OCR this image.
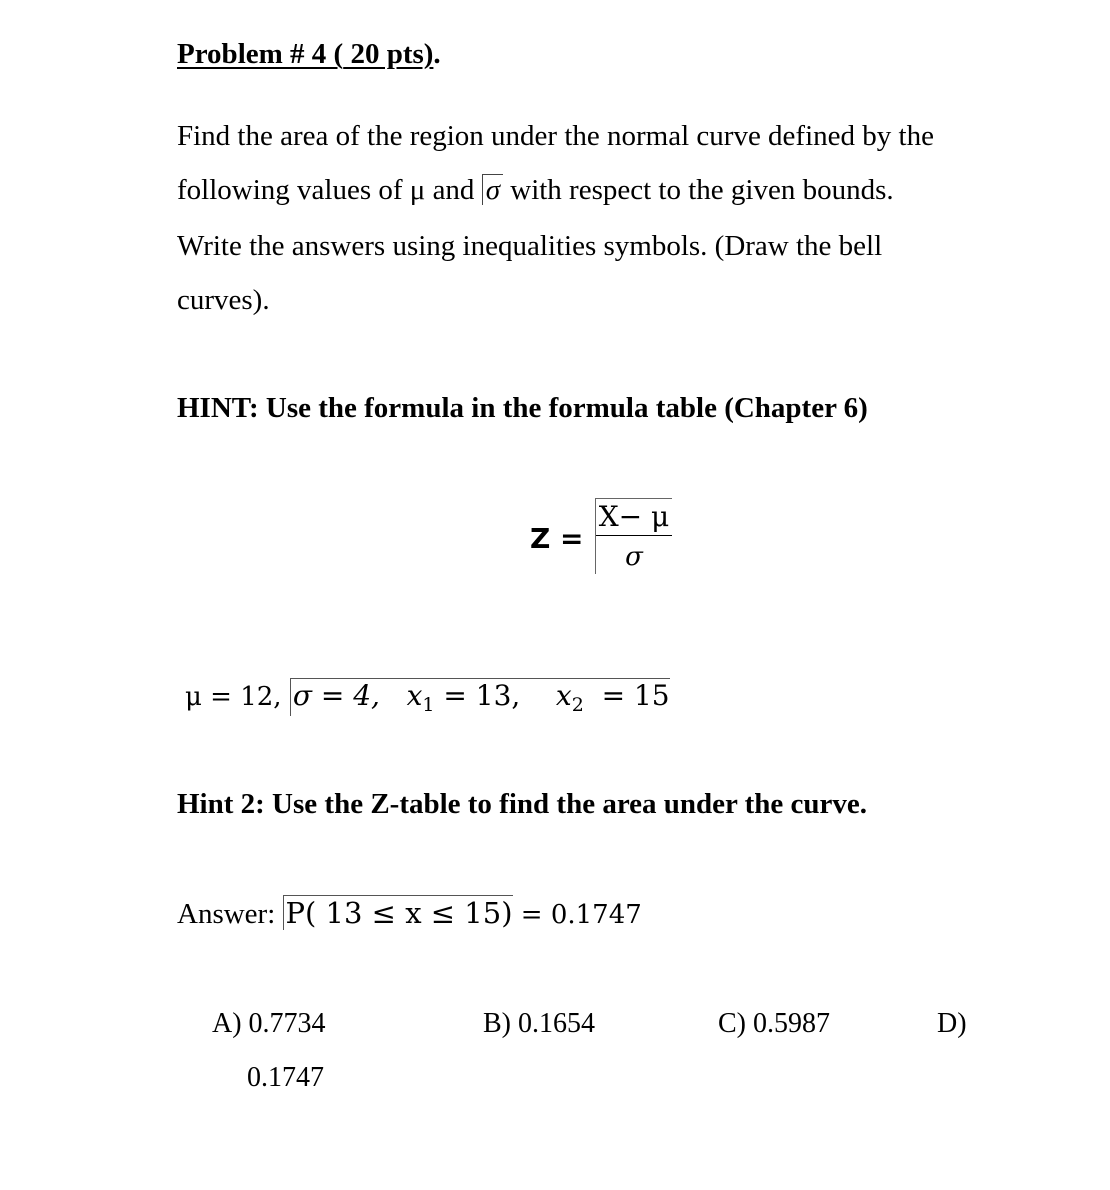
Problem # 4 ( 20 pts).
Find the area of the region under the normal curve defined by the
following values of μ and σ with respect to the given bounds.
Write the answers using inequalities symbols. (Draw the bell
curves).
HINT: Use the formula in the formula table (Chapter 6)
$Z = \frac{X- \mu}{\sigma}$
μ = 12, σ = 4, $x_1 = 13$, $x_2 = 15$
Hint 2: Use the Z-table to find the area under the curve.
Answer: P( 13 ≤ x ≤ 15) = 0.1747
A) 0.7734	B) 0.1654	C) 0.5987	D)
0.1747
